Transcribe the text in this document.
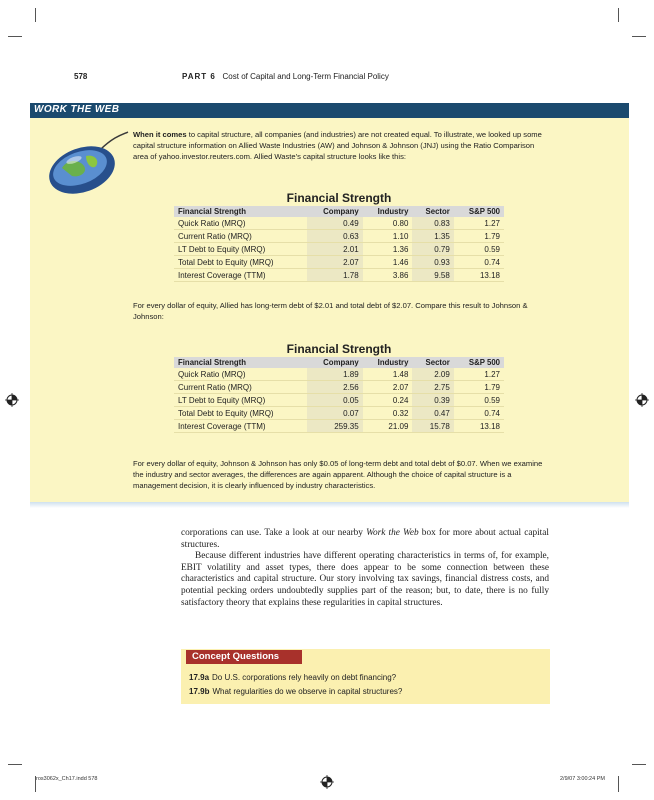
578	PART 6 Cost of Capital and Long-Term Financial Policy
WORK THE WEB
When it comes to capital structure, all companies (and industries) are not created equal. To illustrate, we looked up some capital structure information on Allied Waste Industries (AW) and Johnson & Johnson (JNJ) using the Ratio Comparison area of yahoo.investor.reuters.com. Allied Waste's capital structure looks like this:
Financial Strength
Financial Strength	Company	Industry	Sector	S&P 500
Quick Ratio (MRQ)	0.49	0.80	0.83	1.27
Current Ratio (MRQ)	0.63	1.10	1.35	1.79
LT Debt to Equity (MRQ)	2.01	1.36	0.79	0.59
Total Debt to Equity (MRQ)	2.07	1.46	0.93	0.74
Interest Coverage (TTM)	1.78	3.86	9.58	13.18
For every dollar of equity, Allied has long-term debt of $2.01 and total debt of $2.07. Compare this result to Johnson & Johnson:
Financial Strength
Financial Strength	Company	Industry	Sector	S&P 500
Quick Ratio (MRQ)	1.89	1.48	2.09	1.27
Current Ratio (MRQ)	2.56	2.07	2.75	1.79
LT Debt to Equity (MRQ)	0.05	0.24	0.39	0.59
Total Debt to Equity (MRQ)	0.07	0.32	0.47	0.74
Interest Coverage (TTM)	259.35	21.09	15.78	13.18
For every dollar of equity, Johnson & Johnson has only $0.05 of long-term debt and total debt of $0.07. When we examine the industry and sector averages, the differences are again apparent. Although the choice of capital structure is a management decision, it is clearly influenced by industry characteristics.

corporations can use. Take a look at our nearby Work the Web box for more about actual capital structures.

Because different industries have different operating characteristics in terms of, for example, EBIT volatility and asset types, there does appear to be some connection between these characteristics and capital structure. Our story involving tax savings, financial distress costs, and potential pecking orders undoubtedly supplies part of the reason; but, to date, there is no fully satisfactory theory that explains these regularities in capital structures.

Concept Questions
17.9a Do U.S. corporations rely heavily on debt financing?
17.9b What regularities do we observe in capital structures?
ros3062x_Ch17.indd 578	2/9/07 3:00:24 PM
